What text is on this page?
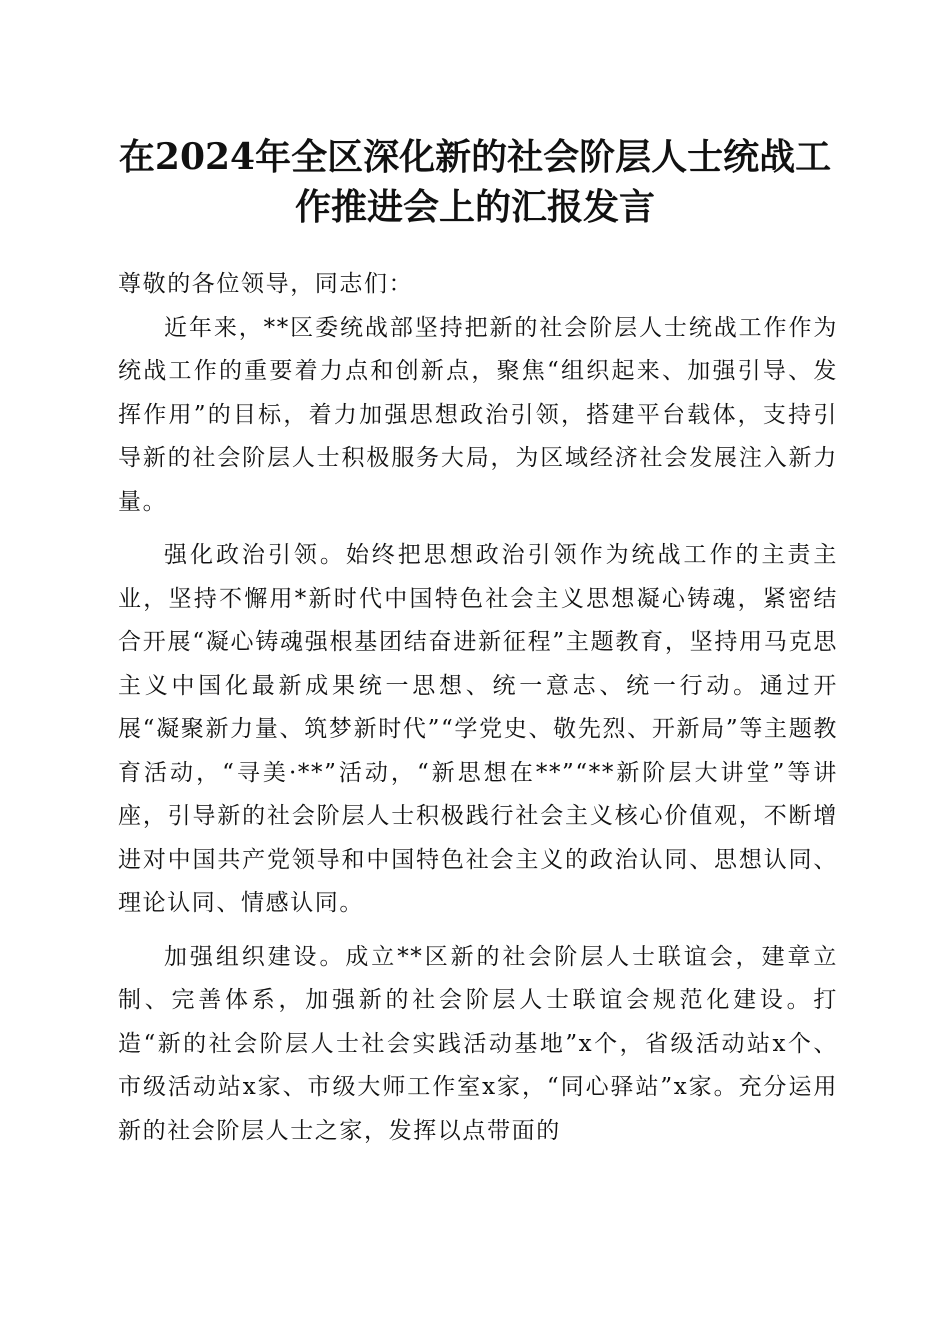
在2024年全区深化新的社会阶层人士统战工
作推进会上的汇报发言

尊敬的各位领导，同志们：

近年来，**区委统战部坚持把新的社会阶层人士统战工作作为统战工作的重要着力点和创新点，聚焦“组织起来、加强引导、发挥作用”的目标，着力加强思想政治引领，搭建平台载体，支持引导新的社会阶层人士积极服务大局，为区域经济社会发展注入新力量。

强化政治引领。始终把思想政治引领作为统战工作的主责主业，坚持不懈用*新时代中国特色社会主义思想凝心铸魂，紧密结合开展“凝心铸魂强根基团结奋进新征程”主题教育，坚持用马克思主义中国化最新成果统一思想、统一意志、统一行动。通过开展“凝聚新力量、筑梦新时代”“学党史、敬先烈、开新局”等主题教育活动，“寻美·**”活动，“新思想在**”“**新阶层大讲堂”等讲座，引导新的社会阶层人士积极践行社会主义核心价值观，不断增进对中国共产党领导和中国特色社会主义的政治认同、思想认同、理论认同、情感认同。

加强组织建设。成立**区新的社会阶层人士联谊会，建章立制、完善体系，加强新的社会阶层人士联谊会规范化建设。打造“新的社会阶层人士社会实践活动基地”x个，省级活动站x个、市级活动站x家、市级大师工作室x家，“同心驿站”x家。充分运用新的社会阶层人士之家，发挥以点带面的
